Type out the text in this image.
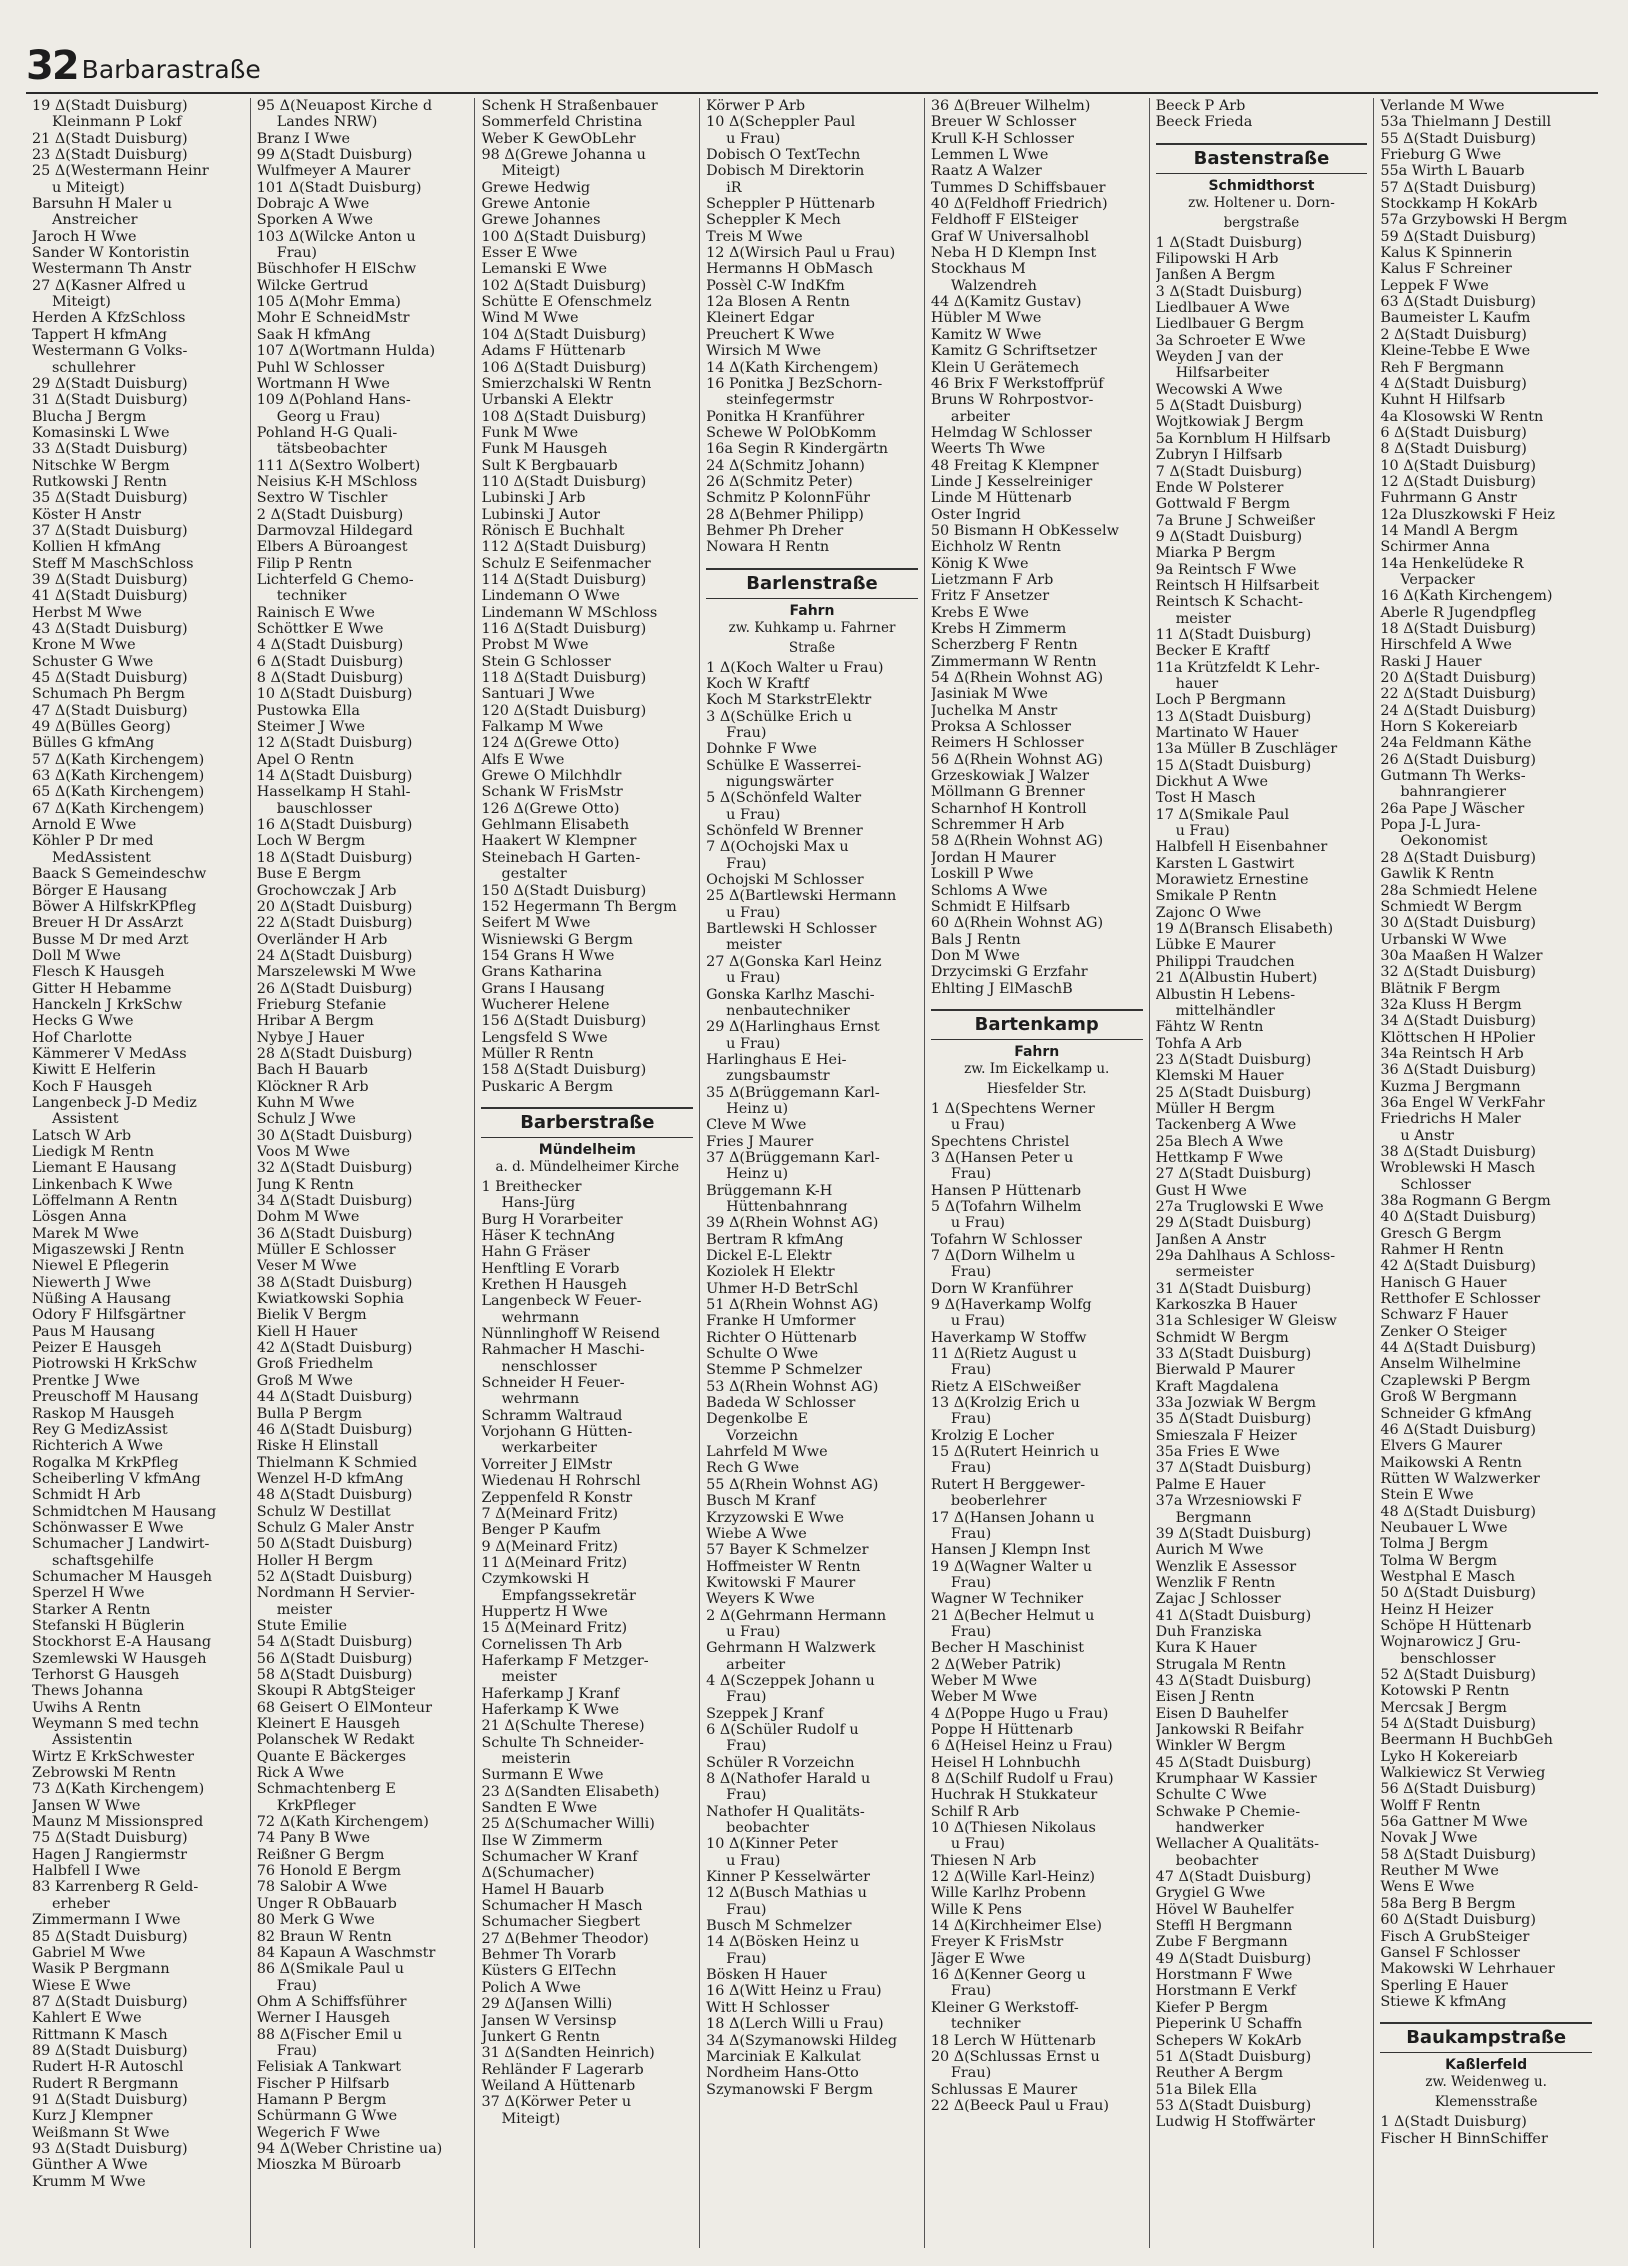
32 Barbarastraße
19 Δ(Stadt Duisburg)
Kleinmann P Lokf
21 Δ(Stadt Duisburg)
23 Δ(Stadt Duisburg)
25 Δ(Westermann Heinr
u Miteigt)
Barsuhn H Maler u
Anstreicher
Jaroch H Wwe
Sander W Kontoristin
Westermann Th Anstr
27 Δ(Kasner Alfred u
Miteigt)
Herden A KfzSchloss
Tappert H kfmAng
Westermann G Volks-
schullehrer
29 Δ(Stadt Duisburg)
31 Δ(Stadt Duisburg)
Blucha J Bergm
Komasinski L Wwe
33 Δ(Stadt Duisburg)
Nitschke W Bergm
Rutkowski J Rentn
35 Δ(Stadt Duisburg)
Köster H Anstr
37 Δ(Stadt Duisburg)
Kollien H kfmAng
Steff M MaschSchloss
39 Δ(Stadt Duisburg)
41 Δ(Stadt Duisburg)
Herbst M Wwe
43 Δ(Stadt Duisburg)
Krone M Wwe
Schuster G Wwe
45 Δ(Stadt Duisburg)
Schumach Ph Bergm
47 Δ(Stadt Duisburg)
49 Δ(Bülles Georg)
Bülles G kfmAng
57 Δ(Kath Kirchengem)
63 Δ(Kath Kirchengem)
65 Δ(Kath Kirchengem)
67 Δ(Kath Kirchengem)
Arnold E Wwe
Köhler P Dr med
MedAssistent
Baack S Gemeindeschw
Börger E Hausang
Böwer A HilfskrKPfleg
Breuer H Dr AssArzt
Busse M Dr med Arzt
Doll M Wwe
Flesch K Hausgeh
Gitter H Hebamme
Hanckeln J KrkSchw
Hecks G Wwe
Hof Charlotte
Kämmerer V MedAss
Kiwitt E Helferin
Koch F Hausgeh
Langenbeck J-D Mediz
Assistent
Latsch W Arb
Liedigk M Rentn
Liemant E Hausang
Linkenbach K Wwe
Löffelmann A Rentn
Lösgen Anna
Marek M Wwe
Migaszewski J Rentn
Niewel E Pflegerin
Niewerth J Wwe
Nüßing A Hausang
Odory F Hilfsgärtner
Paus M Hausang
Peizer E Hausgeh
Piotrowski H KrkSchw
Prentke J Wwe
Preuschoff M Hausang
Raskop M Hausgeh
Rey G MedizAssist
Richterich A Wwe
Rogalka M KrkPfleg
Scheiberling V kfmAng
Schmidt H Arb
Schmidtchen M Hausang
Schönwasser E Wwe
Schumacher J Landwirt-
schaftsgehilfe
Schumacher M Hausgeh
Sperzel H Wwe
Starker A Rentn
Stefanski H Büglerin
Stockhorst E-A Hausang
Szemlewski W Hausgeh
Terhorst G Hausgeh
Thews Johanna
Uwihs A Rentn
Weymann S med techn
Assistentin
Wirtz E KrkSchwester
Zebrowski M Rentn
73 Δ(Kath Kirchengem)
Jansen W Wwe
Maunz M Missionspred
75 Δ(Stadt Duisburg)
Hagen J Rangiermstr
Halbfell I Wwe
83 Karrenberg R Geld-
erheber
Zimmermann I Wwe
85 Δ(Stadt Duisburg)
Gabriel M Wwe
Wasik P Bergmann
Wiese E Wwe
87 Δ(Stadt Duisburg)
Kahlert E Wwe
Rittmann K Masch
89 Δ(Stadt Duisburg)
Rudert H-R Autoschl
Rudert R Bergmann
91 Δ(Stadt Duisburg)
Kurz J Klempner
Weißmann St Wwe
93 Δ(Stadt Duisburg)
Günther A Wwe
Krumm M Wwe
95 Δ(Neuapost Kirche d
Landes NRW)
Branz I Wwe
99 Δ(Stadt Duisburg)
Wulfmeyer A Maurer
101 Δ(Stadt Duisburg)
Dobrajc A Wwe
Sporken A Wwe
103 Δ(Wilcke Anton u
Frau)
Büschhofer H ElSchw
Wilcke Gertrud
105 Δ(Mohr Emma)
Mohr E SchneidMstr
Saak H kfmAng
107 Δ(Wortmann Hulda)
Puhl W Schlosser
Wortmann H Wwe
109 Δ(Pohland Hans-
Georg u Frau)
Pohland H-G Quali-
tätsbeobachter
111 Δ(Sextro Wolbert)
Neisius K-H MSchloss
Sextro W Tischler
2 Δ(Stadt Duisburg)
Darmovzal Hildegard
Elbers A Büroangest
Filip P Rentn
Lichterfeld G Chemo-
techniker
Rainisch E Wwe
Schöttker E Wwe
4 Δ(Stadt Duisburg)
6 Δ(Stadt Duisburg)
8 Δ(Stadt Duisburg)
10 Δ(Stadt Duisburg)
Pustowka Ella
Steimer J Wwe
12 Δ(Stadt Duisburg)
Apel O Rentn
14 Δ(Stadt Duisburg)
Hasselkamp H Stahl-
bauschlosser
16 Δ(Stadt Duisburg)
Loch W Bergm
18 Δ(Stadt Duisburg)
Buse E Bergm
Grochowczak J Arb
20 Δ(Stadt Duisburg)
22 Δ(Stadt Duisburg)
Overländer H Arb
24 Δ(Stadt Duisburg)
Marszelewski M Wwe
26 Δ(Stadt Duisburg)
Frieburg Stefanie
Hribar A Bergm
Nybye J Hauer
28 Δ(Stadt Duisburg)
Bach H Bauarb
Klöckner R Arb
Kuhn M Wwe
Schulz J Wwe
30 Δ(Stadt Duisburg)
Voos M Wwe
32 Δ(Stadt Duisburg)
Jung K Rentn
34 Δ(Stadt Duisburg)
Dohm M Wwe
36 Δ(Stadt Duisburg)
Müller E Schlosser
Veser M Wwe
38 Δ(Stadt Duisburg)
Kwiatkowski Sophia
Bielik V Bergm
Kiell H Hauer
42 Δ(Stadt Duisburg)
Groß Friedhelm
Groß M Wwe
44 Δ(Stadt Duisburg)
Bulla P Bergm
46 Δ(Stadt Duisburg)
Riske H Elinstall
Thielmann K Schmied
Wenzel H-D kfmAng
48 Δ(Stadt Duisburg)
Schulz W Destillat
Schulz G Maler Anstr
50 Δ(Stadt Duisburg)
Holler H Bergm
52 Δ(Stadt Duisburg)
Nordmann H Servier-
meister
Stute Emilie
54 Δ(Stadt Duisburg)
56 Δ(Stadt Duisburg)
58 Δ(Stadt Duisburg)
Skoupi R AbtgSteiger
68 Geisert O ElMonteur
Kleinert E Hausgeh
Polanschek W Redakt
Quante E Bäckerges
Rick A Wwe
Schmachtenberg E
KrkPfleger
72 Δ(Kath Kirchengem)
74 Pany B Wwe
Reißner G Bergm
76 Honold E Bergm
78 Salobir A Wwe
Unger R ObBauarb
80 Merk G Wwe
82 Braun W Rentn
84 Kapaun A Waschmstr
86 Δ(Smikale Paul u
Frau)
Ohm A Schiffsführer
Werner I Hausgeh
88 Δ(Fischer Emil u
Frau)
Felisiak A Tankwart
Fischer P Hilfsarb
Hamann P Bergm
Schürmann G Wwe
Wegerich F Wwe
94 Δ(Weber Christine ua)
Mioszka M Büroarb
Schenk H Straßenbauer
Sommerfeld Christina
Weber K GewObLehr
98 Δ(Grewe Johanna u
Miteigt)
Grewe Hedwig
Grewe Antonie
Grewe Johannes
100 Δ(Stadt Duisburg)
Esser E Wwe
Lemanski E Wwe
102 Δ(Stadt Duisburg)
Schütte E Ofenschmelz
Wind M Wwe
104 Δ(Stadt Duisburg)
Adams F Hüttenarb
106 Δ(Stadt Duisburg)
Smierzchalski W Rentn
Urbanski A Elektr
108 Δ(Stadt Duisburg)
Funk M Wwe
Funk M Hausgeh
Sult K Bergbauarb
110 Δ(Stadt Duisburg)
Lubinski J Arb
Lubinski J Autor
Rönisch E Buchhalt
112 Δ(Stadt Duisburg)
Schulz E Seifenmacher
114 Δ(Stadt Duisburg)
Lindemann O Wwe
Lindemann W MSchloss
116 Δ(Stadt Duisburg)
Probst M Wwe
Stein G Schlosser
118 Δ(Stadt Duisburg)
Santuari J Wwe
120 Δ(Stadt Duisburg)
Falkamp M Wwe
124 Δ(Grewe Otto)
Alfs E Wwe
Grewe O Milchhdlr
Schank W FrisMstr
126 Δ(Grewe Otto)
Gehlmann Elisabeth
Haakert W Klempner
Steinebach H Garten-
gestalter
150 Δ(Stadt Duisburg)
152 Hegermann Th Bergm
Seifert M Wwe
Wisniewski G Bergm
154 Grans H Wwe
Grans Katharina
Grans I Hausang
Wucherer Helene
156 Δ(Stadt Duisburg)
Lengsfeld S Wwe
Müller R Rentn
158 Δ(Stadt Duisburg)
Puskaric A Bergm
Barberstraße
Mündelheim
a. d. Mündelheimer Kirche
1 Breithecker
Hans-Jürg
Burg H Vorarbeiter
Häser K technAng
Hahn G Fräser
Henftling E Vorarb
Krethen H Hausgeh
Langenbeck W Feuer-
wehrmann
Nünnlinghoff W Reisend
Rahmacher H Maschi-
nenschlosser
Schneider H Feuer-
wehrmann
Schramm Waltraud
Vorjohann G Hütten-
werkarbeiter
Vorreiter J ElMstr
Wiedenau H Rohrschl
Zeppenfeld R Konstr
7 Δ(Meinard Fritz)
Benger P Kaufm
9 Δ(Meinard Fritz)
11 Δ(Meinard Fritz)
Czymkowski H
Empfangssekretär
Huppertz H Wwe
15 Δ(Meinard Fritz)
Cornelissen Th Arb
Haferkamp F Metzger-
meister
Haferkamp J Kranf
Haferkamp K Wwe
21 Δ(Schulte Therese)
Schulte Th Schneider-
meisterin
Surmann E Wwe
23 Δ(Sandten Elisabeth)
Sandten E Wwe
25 Δ(Schumacher Willi)
Ilse W Zimmerm
Schumacher W Kranf
Δ(Schumacher)
Hamel H Bauarb
Schumacher H Masch
Schumacher Siegbert
27 Δ(Behmer Theodor)
Behmer Th Vorarb
Küsters G ElTechn
Polich A Wwe
29 Δ(Jansen Willi)
Jansen W Versinsp
Junkert G Rentn
31 Δ(Sandten Heinrich)
Rehländer F Lagerarb
Weiland A Hüttenarb
37 Δ(Körwer Peter u
Miteigt)
Körwer P Arb
10 Δ(Scheppler Paul
u Frau)
Dobisch O TextTechn
Dobisch M Direktorin
iR
Scheppler P Hüttenarb
Scheppler K Mech
Treis M Wwe
12 Δ(Wirsich Paul u Frau)
Hermanns H ObMasch
Possèl C-W IndKfm
12a Blosen A Rentn
Kleinert Edgar
Preuchert K Wwe
Wirsich M Wwe
14 Δ(Kath Kirchengem)
16 Ponitka J BezSchorn-
steinfegermstr
Ponitka H Kranführer
Schewe W PolObKomm
16a Segin R Kindergärtn
24 Δ(Schmitz Johann)
26 Δ(Schmitz Peter)
Schmitz P KolonnFühr
28 Δ(Behmer Philipp)
Behmer Ph Dreher
Nowara H Rentn
Barlenstraße
Fahrn
zw. Kuhkamp u. Fahrner
Straße
1 Δ(Koch Walter u Frau)
Koch W Kraftf
Koch M StarkstrElektr
3 Δ(Schülke Erich u
Frau)
Dohnke F Wwe
Schülke E Wasserrei-
nigungswärter
5 Δ(Schönfeld Walter
u Frau)
Schönfeld W Brenner
7 Δ(Ochojski Max u
Frau)
Ochojski M Schlosser
25 Δ(Bartlewski Hermann
u Frau)
Bartlewski H Schlosser
meister
27 Δ(Gonska Karl Heinz
u Frau)
Gonska Karlhz Maschi-
nenbautechniker
29 Δ(Harlinghaus Ernst
u Frau)
Harlinghaus E Hei-
zungsbaumstr
35 Δ(Brüggemann Karl-
Heinz u)
Cleve M Wwe
Fries J Maurer
37 Δ(Brüggemann Karl-
Heinz u)
Brüggemann K-H
Hüttenbahnrang
39 Δ(Rhein Wohnst AG)
Bertram R kfmAng
Dickel E-L Elektr
Koziolek H Elektr
Uhmer H-D BetrSchl
51 Δ(Rhein Wohnst AG)
Franke H Umformer
Richter O Hüttenarb
Schulte O Wwe
Stemme P Schmelzer
53 Δ(Rhein Wohnst AG)
Badeda W Schlosser
Degenkolbe E
Vorzeichn
Lahrfeld M Wwe
Rech G Wwe
55 Δ(Rhein Wohnst AG)
Busch M Kranf
Krzyzowski E Wwe
Wiebe A Wwe
57 Bayer K Schmelzer
Hoffmeister W Rentn
Kwitowski F Maurer
Weyers K Wwe
2 Δ(Gehrmann Hermann
u Frau)
Gehrmann H Walzwerk
arbeiter
4 Δ(Sczeppek Johann u
Frau)
Szeppek J Kranf
6 Δ(Schüler Rudolf u
Frau)
Schüler R Vorzeichn
8 Δ(Nathofer Harald u
Frau)
Nathofer H Qualitäts-
beobachter
10 Δ(Kinner Peter
u Frau)
Kinner P Kesselwärter
12 Δ(Busch Mathias u
Frau)
Busch M Schmelzer
14 Δ(Bösken Heinz u
Frau)
Bösken H Hauer
16 Δ(Witt Heinz u Frau)
Witt H Schlosser
18 Δ(Lerch Willi u Frau)
34 Δ(Szymanowski Hildeg
Marciniak E Kalkulat
Nordheim Hans-Otto
Szymanowski F Bergm
36 Δ(Breuer Wilhelm)
Breuer W Schlosser
Krull K-H Schlosser
Lemmen L Wwe
Raatz A Walzer
Tummes D Schiffsbauer
40 Δ(Feldhoff Friedrich)
Feldhoff F ElSteiger
Graf W Universalhobl
Neba H D Klempn Inst
Stockhaus M
Walzendreh
44 Δ(Kamitz Gustav)
Hübler M Wwe
Kamitz W Wwe
Kamitz G Schriftsetzer
Klein U Gerätemech
46 Brix F Werkstoffprüf
Bruns W Rohrpostvor-
arbeiter
Helmdag W Schlosser
Weerts Th Wwe
48 Freitag K Klempner
Linde J Kesselreiniger
Linde M Hüttenarb
Oster Ingrid
50 Bismann H ObKesselw
Eichholz W Rentn
König K Wwe
Lietzmann F Arb
Fritz F Ansetzer
Krebs E Wwe
Krebs H Zimmerm
Scherzberg F Rentn
Zimmermann W Rentn
54 Δ(Rhein Wohnst AG)
Jasiniak M Wwe
Juchelka M Anstr
Proksa A Schlosser
Reimers H Schlosser
56 Δ(Rhein Wohnst AG)
Grzeskowiak J Walzer
Möllmann G Brenner
Scharnhof H Kontroll
Schremmer H Arb
58 Δ(Rhein Wohnst AG)
Jordan H Maurer
Loskill P Wwe
Schloms A Wwe
Schmidt E Hilfsarb
60 Δ(Rhein Wohnst AG)
Bals J Rentn
Don M Wwe
Drzycimski G Erzfahr
Ehlting J ElMaschB
Bartenkamp
Fahrn
zw. Im Eickelkamp u.
Hiesfelder Str.
1 Δ(Spechtens Werner
u Frau)
Spechtens Christel
3 Δ(Hansen Peter u
Frau)
Hansen P Hüttenarb
5 Δ(Tofahrn Wilhelm
u Frau)
Tofahrn W Schlosser
7 Δ(Dorn Wilhelm u
Frau)
Dorn W Kranführer
9 Δ(Haverkamp Wolfg
u Frau)
Haverkamp W Stoffw
11 Δ(Rietz August u
Frau)
Rietz A ElSchweißer
13 Δ(Krolzig Erich u
Frau)
Krolzig E Locher
15 Δ(Rutert Heinrich u
Frau)
Rutert H Berggewer-
beoberlehrer
17 Δ(Hansen Johann u
Frau)
Hansen J Klempn Inst
19 Δ(Wagner Walter u
Frau)
Wagner W Techniker
21 Δ(Becher Helmut u
Frau)
Becher H Maschinist
2 Δ(Weber Patrik)
Weber M Wwe
Weber M Wwe
4 Δ(Poppe Hugo u Frau)
Poppe H Hüttenarb
6 Δ(Heisel Heinz u Frau)
Heisel H Lohnbuchh
8 Δ(Schilf Rudolf u Frau)
Huchrak H Stukkateur
Schilf R Arb
10 Δ(Thiesen Nikolaus
u Frau)
Thiesen N Arb
12 Δ(Wille Karl-Heinz)
Wille Karlhz Probenn
Wille K Pens
14 Δ(Kirchheimer Else)
Freyer K FrisMstr
Jäger E Wwe
16 Δ(Kenner Georg u
Frau)
Kleiner G Werkstoff-
techniker
18 Lerch W Hüttenarb
20 Δ(Schlussas Ernst u
Frau)
Schlussas E Maurer
22 Δ(Beeck Paul u Frau)
Beeck P Arb
Beeck Frieda
Bastenstraße
Schmidthorst
zw. Holtener u. Dorn-
bergstraße
1 Δ(Stadt Duisburg)
Filipowski H Arb
Janßen A Bergm
3 Δ(Stadt Duisburg)
Liedlbauer A Wwe
Liedlbauer G Bergm
3a Schroeter E Wwe
Weyden J van der
Hilfsarbeiter
Wecowski A Wwe
5 Δ(Stadt Duisburg)
Wojtkowiak J Bergm
5a Kornblum H Hilfsarb
Zubryn I Hilfsarb
7 Δ(Stadt Duisburg)
Ende W Polsterer
Gottwald F Bergm
7a Brune J Schweißer
9 Δ(Stadt Duisburg)
Miarka P Bergm
9a Reintsch F Wwe
Reintsch H Hilfsarbeit
Reintsch K Schacht-
meister
11 Δ(Stadt Duisburg)
Becker E Kraftf
11a Krützfeldt K Lehr-
hauer
Loch P Bergmann
13 Δ(Stadt Duisburg)
Martinato W Hauer
13a Müller B Zuschläger
15 Δ(Stadt Duisburg)
Dickhut A Wwe
Tost H Masch
17 Δ(Smikale Paul
u Frau)
Halbfell H Eisenbahner
Karsten L Gastwirt
Morawietz Ernestine
Smikale P Rentn
Zajonc O Wwe
19 Δ(Bransch Elisabeth)
Lübke E Maurer
Philippi Traudchen
21 Δ(Albustin Hubert)
Albustin H Lebens-
mittelhändler
Fähtz W Rentn
Tohfa A Arb
23 Δ(Stadt Duisburg)
Klemski M Hauer
25 Δ(Stadt Duisburg)
Müller H Bergm
Tackenberg A Wwe
25a Blech A Wwe
Hettkamp F Wwe
27 Δ(Stadt Duisburg)
Gust H Wwe
27a Truglowski E Wwe
29 Δ(Stadt Duisburg)
Janßen A Anstr
29a Dahlhaus A Schloss-
sermeister
31 Δ(Stadt Duisburg)
Karkoszka B Hauer
31a Schlesiger W Gleisw
Schmidt W Bergm
33 Δ(Stadt Duisburg)
Bierwald P Maurer
Kraft Magdalena
33a Jozwiak W Bergm
35 Δ(Stadt Duisburg)
Smieszala F Heizer
35a Fries E Wwe
37 Δ(Stadt Duisburg)
Palme E Hauer
37a Wrzesniowski F
Bergmann
39 Δ(Stadt Duisburg)
Aurich M Wwe
Wenzlik E Assessor
Wenzlik F Rentn
Zajac J Schlosser
41 Δ(Stadt Duisburg)
Duh Franziska
Kura K Hauer
Strugala M Rentn
43 Δ(Stadt Duisburg)
Eisen J Rentn
Eisen D Bauhelfer
Jankowski R Beifahr
Winkler W Bergm
45 Δ(Stadt Duisburg)
Krumphaar W Kassier
Schulte C Wwe
Schwake P Chemie-
handwerker
Wellacher A Qualitäts-
beobachter
47 Δ(Stadt Duisburg)
Grygiel G Wwe
Hövel W Bauhelfer
Steffl H Bergmann
Zube F Bergmann
49 Δ(Stadt Duisburg)
Horstmann F Wwe
Horstmann E Verkf
Kiefer P Bergm
Pieperink U Schaffn
Schepers W KokArb
51 Δ(Stadt Duisburg)
Reuther A Bergm
51a Bilek Ella
53 Δ(Stadt Duisburg)
Ludwig H Stoffwärter
Verlande M Wwe
53a Thielmann J Destill
55 Δ(Stadt Duisburg)
Frieburg G Wwe
55a Wirth L Bauarb
57 Δ(Stadt Duisburg)
Stockkamp H KokArb
57a Grzybowski H Bergm
59 Δ(Stadt Duisburg)
Kalus K Spinnerin
Kalus F Schreiner
Leppek F Wwe
63 Δ(Stadt Duisburg)
Baumeister L Kaufm
2 Δ(Stadt Duisburg)
Kleine-Tebbe E Wwe
Reh F Bergmann
4 Δ(Stadt Duisburg)
Kuhnt H Hilfsarb
4a Klosowski W Rentn
6 Δ(Stadt Duisburg)
8 Δ(Stadt Duisburg)
10 Δ(Stadt Duisburg)
12 Δ(Stadt Duisburg)
Fuhrmann G Anstr
12a Dluszkowski F Heiz
14 Mandl A Bergm
Schirmer Anna
14a Henkelüdeke R
Verpacker
16 Δ(Kath Kirchengem)
Aberle R Jugendpfleg
18 Δ(Stadt Duisburg)
Hirschfeld A Wwe
Raski J Hauer
20 Δ(Stadt Duisburg)
22 Δ(Stadt Duisburg)
24 Δ(Stadt Duisburg)
Horn S Kokereiarb
24a Feldmann Käthe
26 Δ(Stadt Duisburg)
Gutmann Th Werks-
bahnrangierer
26a Pape J Wäscher
Popa J-L Jura-
Oekonomist
28 Δ(Stadt Duisburg)
Gawlik K Rentn
28a Schmiedt Helene
Schmiedt W Bergm
30 Δ(Stadt Duisburg)
Urbanski W Wwe
30a Maaßen H Walzer
32 Δ(Stadt Duisburg)
Blätnik F Bergm
32a Kluss H Bergm
34 Δ(Stadt Duisburg)
Klöttschen H HPolier
34a Reintsch H Arb
36 Δ(Stadt Duisburg)
Kuzma J Bergmann
36a Engel W VerkFahr
Friedrichs H Maler
u Anstr
38 Δ(Stadt Duisburg)
Wroblewski H Masch
Schlosser
38a Rogmann G Bergm
40 Δ(Stadt Duisburg)
Gresch G Bergm
Rahmer H Rentn
42 Δ(Stadt Duisburg)
Hanisch G Hauer
Retthofer E Schlosser
Schwarz F Hauer
Zenker O Steiger
44 Δ(Stadt Duisburg)
Anselm Wilhelmine
Czaplewski P Bergm
Groß W Bergmann
Schneider G kfmAng
46 Δ(Stadt Duisburg)
Elvers G Maurer
Maikowski A Rentn
Rütten W Walzwerker
Stein E Wwe
48 Δ(Stadt Duisburg)
Neubauer L Wwe
Tolma J Bergm
Tolma W Bergm
Westphal E Masch
50 Δ(Stadt Duisburg)
Heinz H Heizer
Schöpe H Hüttenarb
Wojnarowicz J Gru-
benschlosser
52 Δ(Stadt Duisburg)
Kotowski P Rentn
Mercsak J Bergm
54 Δ(Stadt Duisburg)
Beermann H BuchbGeh
Lyko H Kokereiarb
Walkiewicz St Verwieg
56 Δ(Stadt Duisburg)
Wolff F Rentn
56a Gattner M Wwe
Novak J Wwe
58 Δ(Stadt Duisburg)
Reuther M Wwe
Wens E Wwe
58a Berg B Bergm
60 Δ(Stadt Duisburg)
Fisch A GrubSteiger
Gansel F Schlosser
Makowski W Lehrhauer
Sperling E Hauer
Stiewe K kfmAng
Baukampstraße
Kaßlerfeld
zw. Weidenweg u.
Klemensstraße
1 Δ(Stadt Duisburg)
Fischer H BinnSchiffer
